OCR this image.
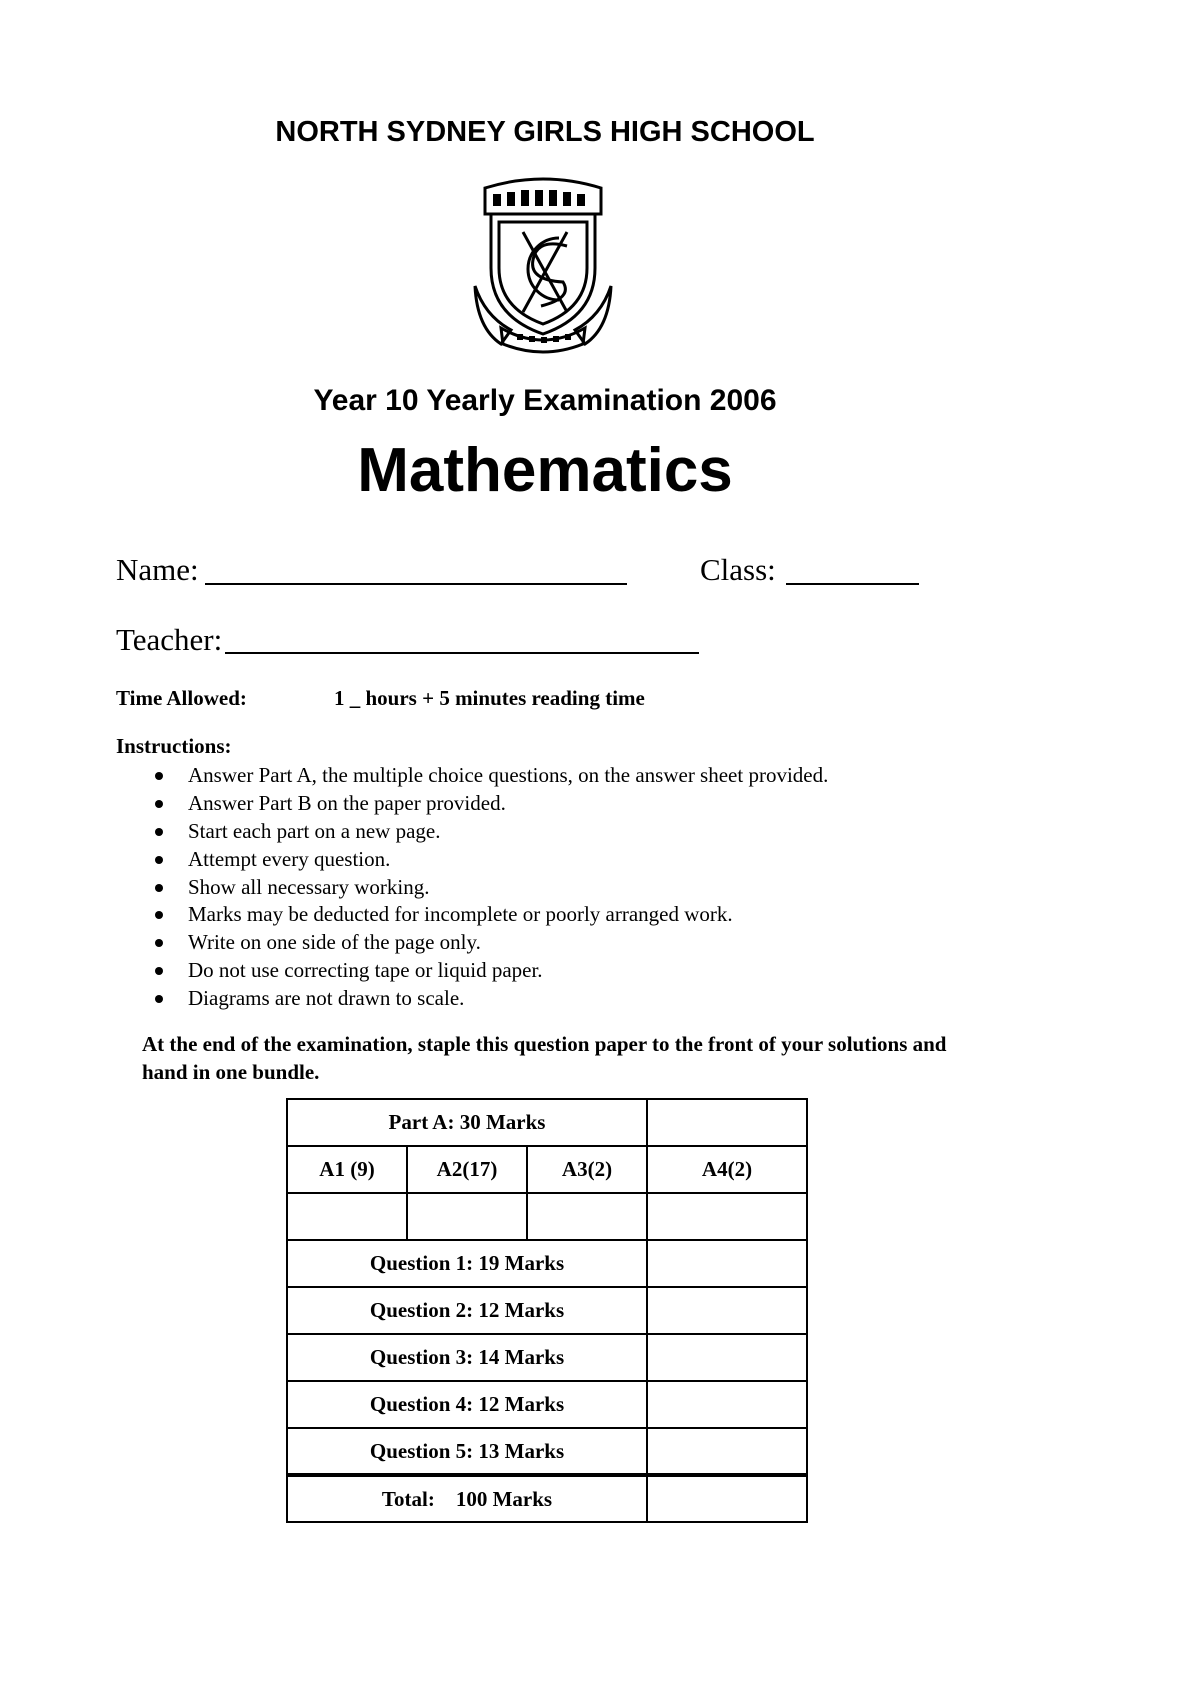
NORTH SYDNEY GIRLS HIGH SCHOOL
Year 10 Yearly Examination 2006
Mathematics
Name:	Class:
Teacher:
Time Allowed:	1 _ hours + 5 minutes reading time
Instructions:
Answer Part A, the multiple choice questions, on the answer sheet provided.
Answer Part B on the paper provided.
Start each part on a new page.
Attempt every question.
Show all necessary working.
Marks may be deducted for incomplete or poorly arranged work.
Write on one side of the page only.
Do not use correcting tape or liquid paper.
Diagrams are not drawn to scale.
At the end of the examination, staple this question paper to the front of your solutions and hand in one bundle.
Part A: 30 Marks			
A1 (9)	A2(17)	A3(2)	A4(2)

Question 1: 19 Marks			
Question 2: 12 Marks			
Question 3: 14 Marks			
Question 4: 12 Marks			
Question 5: 13 Marks			
Total:    100 Marks			
